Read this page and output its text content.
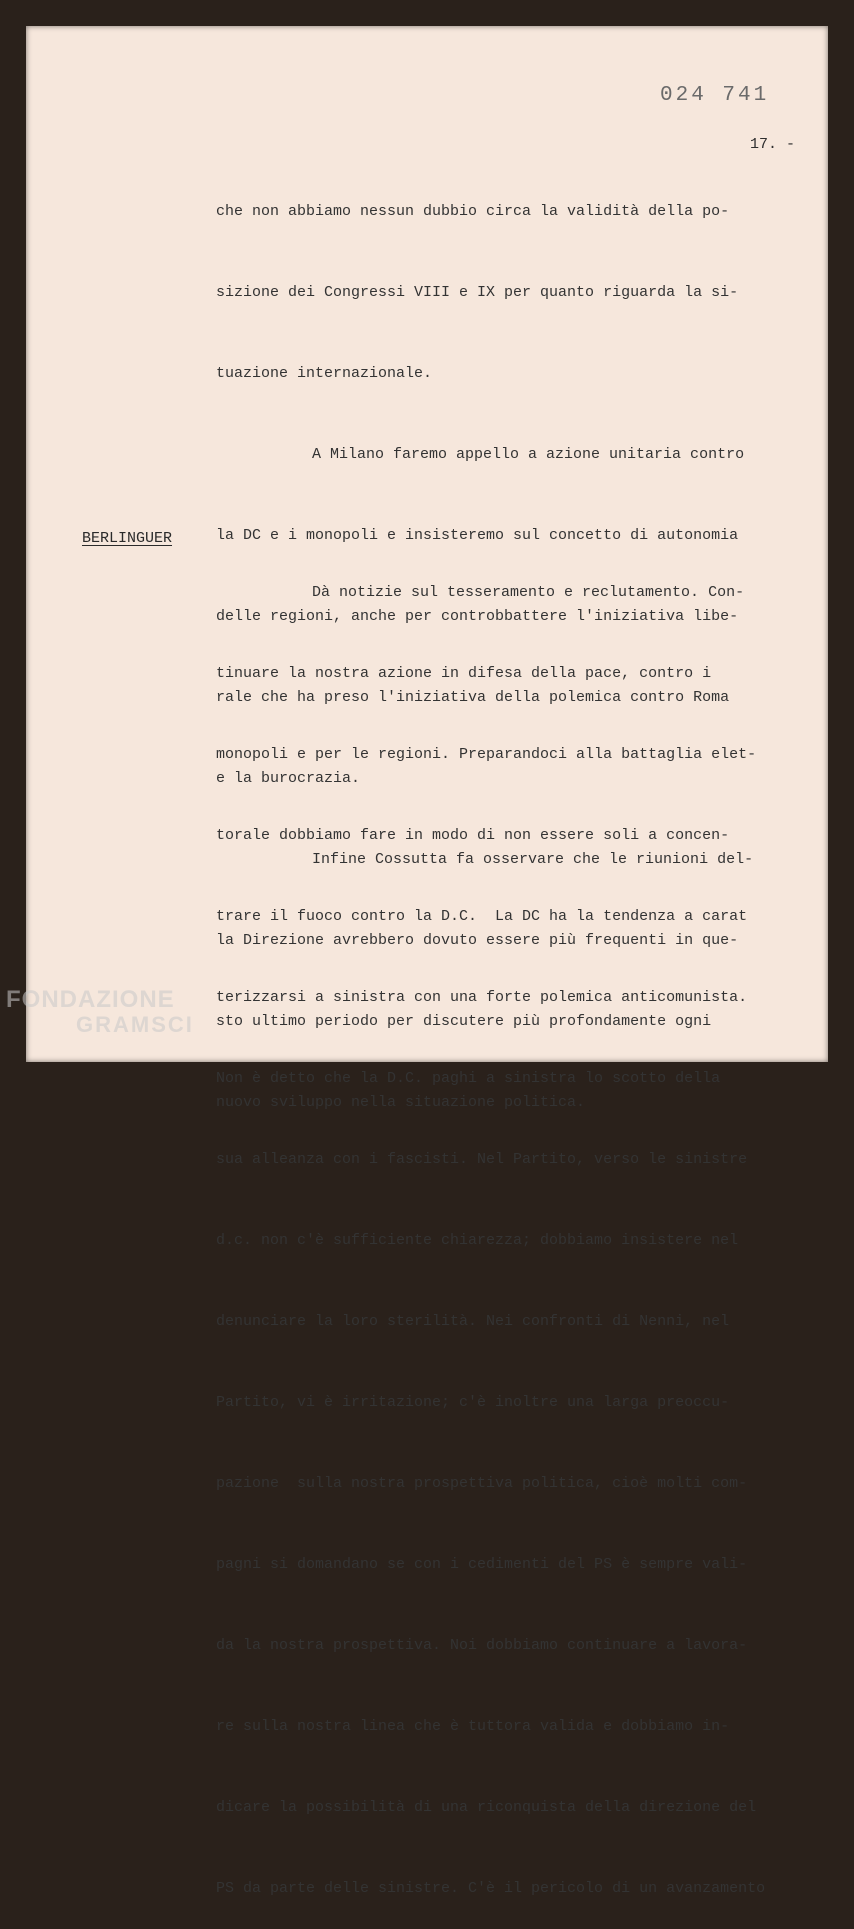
024 741
17. -

che non abbiamo nessun dubbio circa la validità della po-

sizione dei Congressi VIII e IX per quanto riguarda la si-

tuazione internazionale.

A Milano faremo appello a azione unitaria contro

la DC e i monopoli e insisteremo sul concetto di autonomia

delle regioni, anche per controbbattere l'iniziativa libe-

rale che ha preso l'iniziativa della polemica contro Roma

e la burocrazia.

Infine Cossutta fa osservare che le riunioni del-

la Direzione avrebbero dovuto essere più frequenti in que-

sto ultimo periodo per discutere più profondamente ogni

nuovo sviluppo nella situazione politica.

BERLINGUER

Dà notizie sul tesseramento e reclutamento. Con-

tinuare la nostra azione in difesa della pace, contro i

monopoli e per le regioni. Preparandoci alla battaglia elet-

torale dobbiamo fare in modo di non essere soli a concen-

trare il fuoco contro la D.C.  La DC ha la tendenza a carat

terizzarsi a sinistra con una forte polemica anticomunista.

Non è detto che la D.C. paghi a sinistra lo scotto della

sua alleanza con i fascisti. Nel Partito, verso le sinistre

d.c. non c'è sufficiente chiarezza; dobbiamo insistere nel

denunciare la loro sterilità. Nei confronti di Nenni, nel

Partito, vi è irritazione; c'è inoltre una larga preoccu-

pazione  sulla nostra prospettiva politica, cioè molti com-

pagni si domandano se con i cedimenti del PS è sempre vali-

da la nostra prospettiva. Noi dobbiamo continuare a lavora-

re sulla nostra linea che è tuttora valida e dobbiamo in-

dicare la possibilità di una riconquista della direzione del

PS da parte delle sinistre. C'è il pericolo di un avanzamento

FONDAZIONE
GRAMSCI
